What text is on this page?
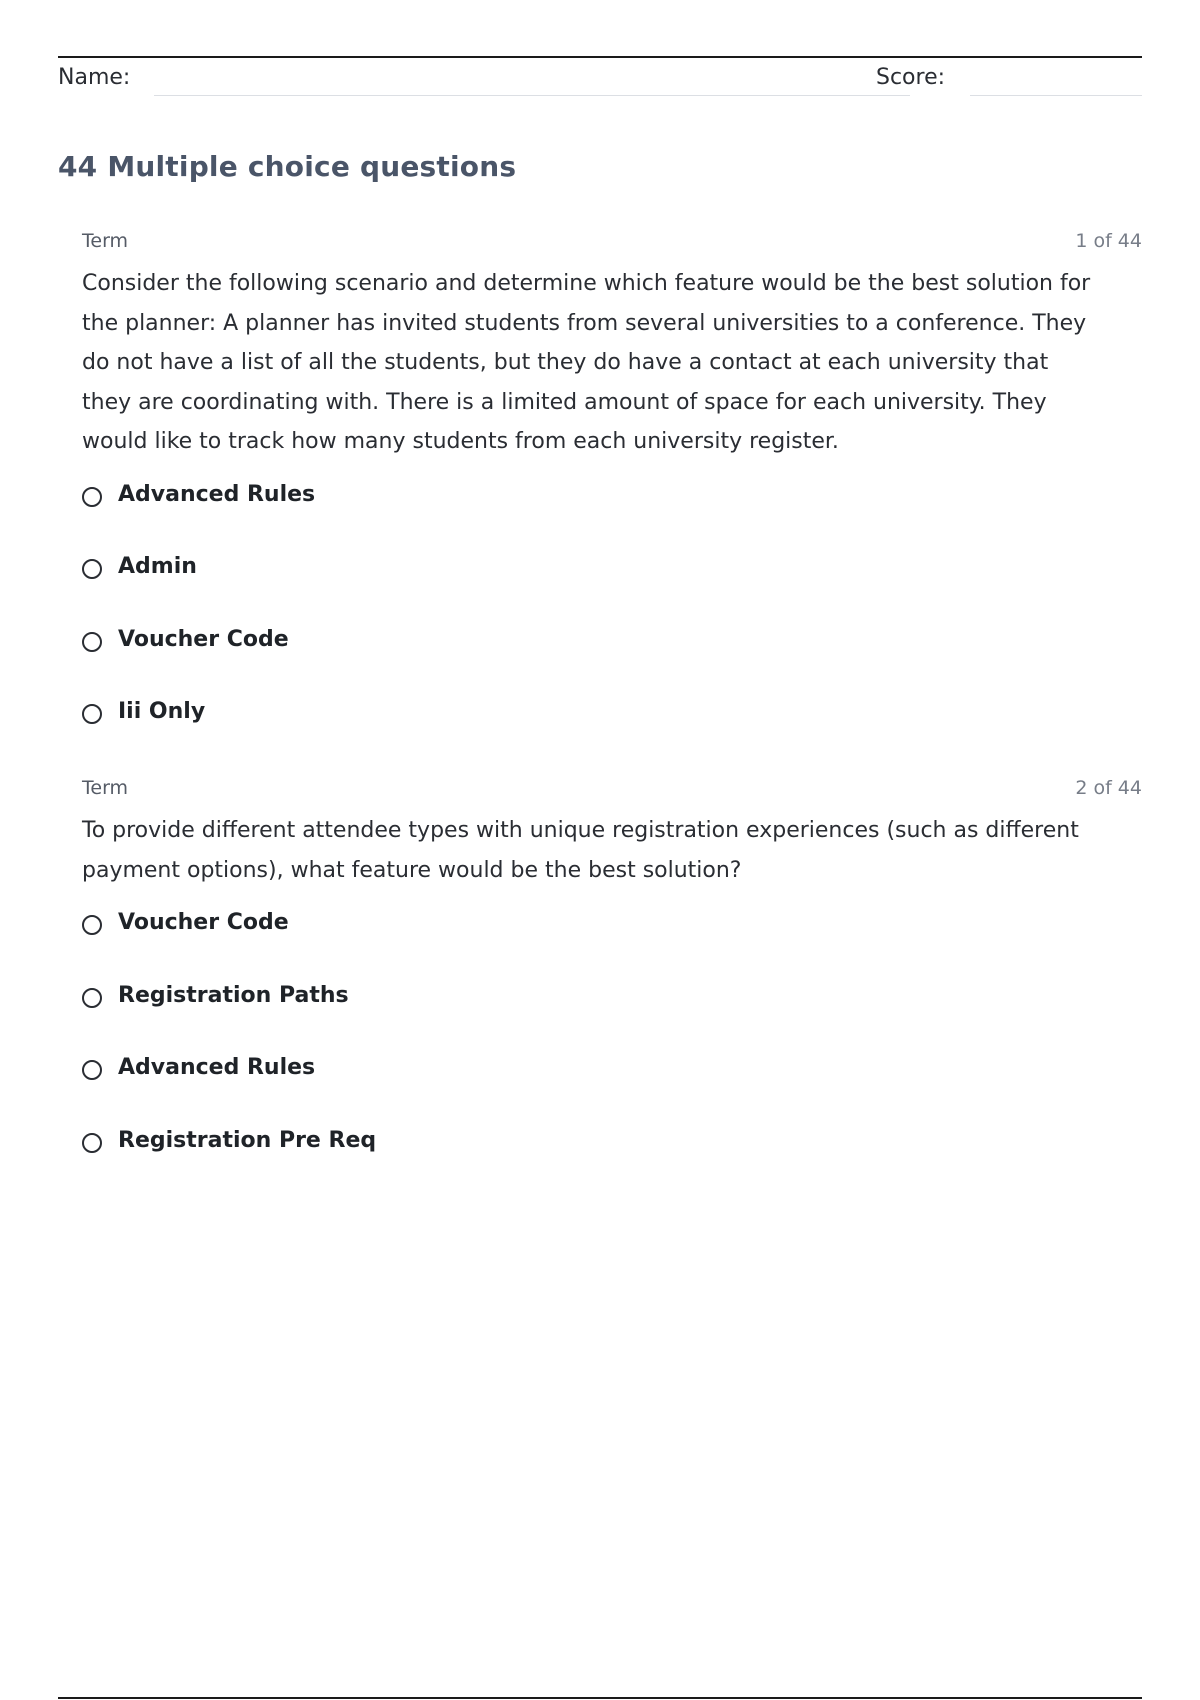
Name:	Score:
44 Multiple choice questions
Term	1 of 44

Consider the following scenario and determine which feature would be the best solution for the planner: A planner has invited students from several universities to a conference. They do not have a list of all the students, but they do have a contact at each university that they are coordinating with. There is a limited amount of space for each university. They would like to track how many students from each university register.

Advanced Rules
Admin
Voucher Code
Iii Only
Term	2 of 44

To provide different attendee types with unique registration experiences (such as different payment options), what feature would be the best solution?

Voucher Code
Registration Paths
Advanced Rules
Registration Pre Req
